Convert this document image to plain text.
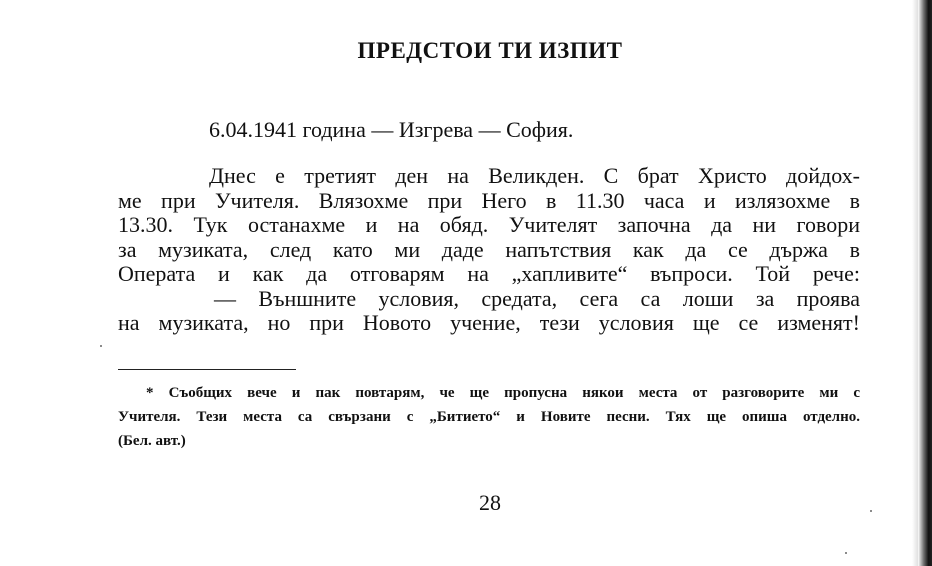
ПРЕДСТОИ ТИ ИЗПИТ

6.04.1941 година — Изгрева — София.

Днес е третият ден на Великден. С брат Христо дойдох-
ме при Учителя. Влязохме при Него в 11.30 часа и излязохме в
13.30. Тук останахме и на обяд. Учителят започна да ни говори
за музиката, след като ми даде напътствия как да се държа в
Операта и как да отговарям на „хапливите“ въпроси. Той рече:
— Външните условия, средата, сега са лоши за проява
на музиката, но при Новото учение, тези условия ще се изменят!
* Съобщих вече и пак повтарям, че ще пропусна някои места от разговорите ми с
Учителя. Тези места са свързани с „Битието“ и Новите песни. Тях ще опиша отделно.
(Бел. авт.)

28
